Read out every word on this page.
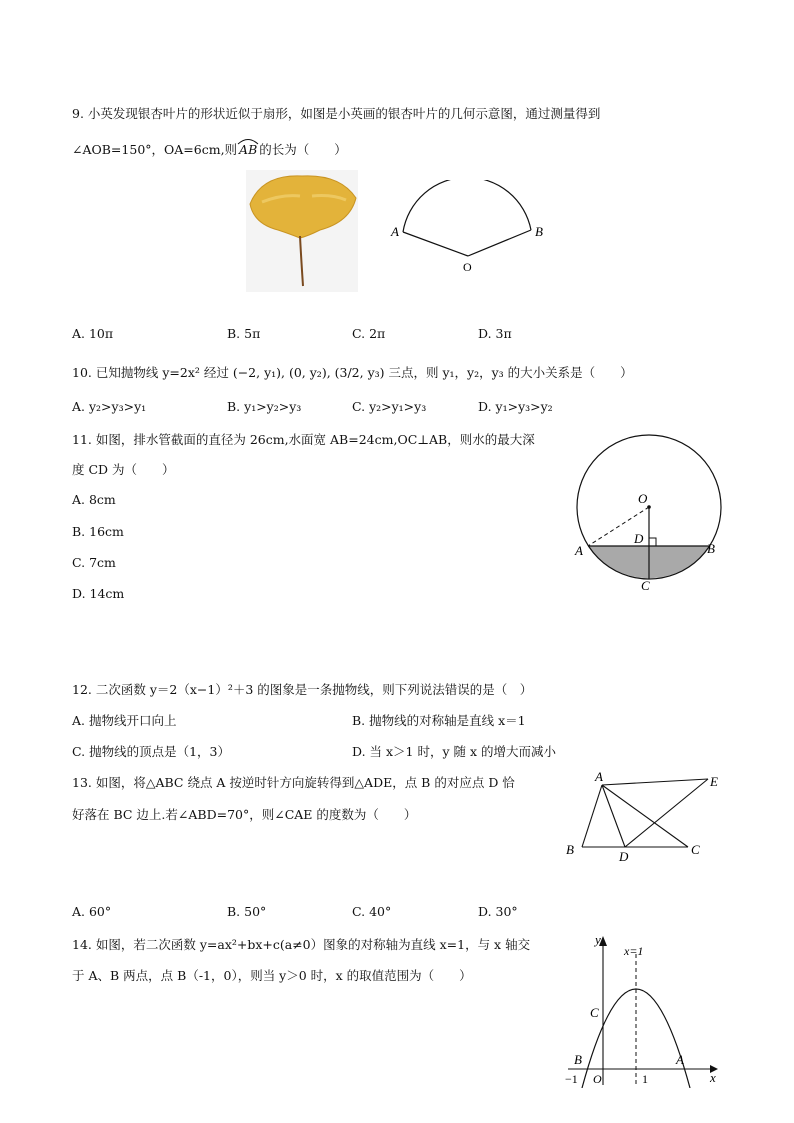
9. 小英发现银杏叶片的形状近似于扇形，如图是小英画的银杏叶片的几何示意图，通过测量得到
∠AOB=150°，OA=6cm,则 AB 的长为（　　）
A	B
O
A. 10π	B. 5π	C. 2π	D. 3π
10. 已知抛物线 y=2x² 经过 (−2, y₁), (0, y₂), (3/2, y₃) 三点，则 y₁，y₂，y₃ 的大小关系是（　　）
A. y₂>y₃>y₁	B. y₁>y₂>y₃	C. y₂>y₁>y₃	D. y₁>y₃>y₂
11. 如图，排水管截面的直径为 26cm,水面宽 AB=24cm,OC⊥AB，则水的最大深
度 CD 为（　　）
A. 8cm
B. 16cm
C. 7cm
D. 14cm
O
D
A	B
C
12. 二次函数 y＝2（x−1）²＋3 的图象是一条抛物线，则下列说法错误的是（　）
A. 抛物线开口向上	B. 抛物线的对称轴是直线 x＝1
C. 抛物线的顶点是（1，3）	D. 当 x＞1 时，y 随 x 的增大而减小
13. 如图，将△ABC 绕点 A 按逆时针方向旋转得到△ADE，点 B 的对应点 D 恰
好落在 BC 边上.若∠ABD=70°，则∠CAE 的度数为（　　）
A	E
B	D	C
A. 60°	B. 50°	C. 40°	D. 30°
14. 如图，若二次函数 y=ax²+bx+c(a≠0）图象的对称轴为直线 x=1，与 x 轴交
于 A、B 两点，点 B（-1，0），则当 y＞0 时，x 的取值范围为（　　）
y
x
x=1
C
B	A
O
−1	1
